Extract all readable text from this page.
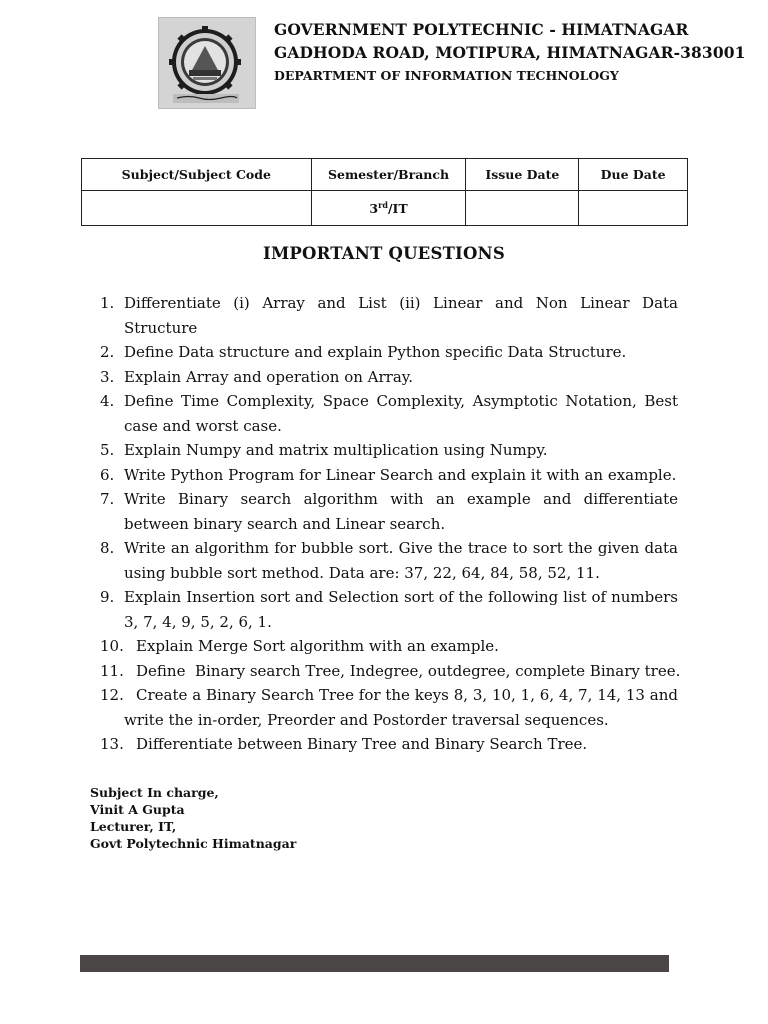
GOVERNMENT POLYTECHNIC - HIMATNAGAR
GADHODA ROAD, MOTIPURA, HIMATNAGAR-383001
DEPARTMENT OF INFORMATION TECHNOLOGY
Subject/Subject Code	Semester/Branch	Issue Date	Due Date
	3rd/IT		
IMPORTANT QUESTIONS
1. Differentiate (i) Array and List (ii) Linear and Non Linear Data Structure
2. Define Data structure and explain Python specific Data Structure.
3. Explain Array and operation on Array.
4. Define Time Complexity, Space Complexity, Asymptotic Notation, Best case and worst case.
5. Explain Numpy and matrix multiplication using Numpy.
6. Write Python Program for Linear Search and explain it with an example.
7. Write Binary search algorithm with an example and differentiate between binary search and Linear search.
8. Write an algorithm for bubble sort. Give the trace to sort the given data using bubble sort method. Data are: 37, 22, 64, 84, 58, 52, 11.
9. Explain Insertion sort and Selection sort of the following list of numbers 3, 7, 4, 9, 5, 2, 6, 1.
10. Explain Merge Sort algorithm with an example.
11. Define  Binary search Tree, Indegree, outdegree, complete Binary tree.
12. Create a Binary Search Tree for the keys 8, 3, 10, 1, 6, 4, 7, 14, 13 and write the in-order, Preorder and Postorder traversal sequences.
13. Differentiate between Binary Tree and Binary Search Tree.
Subject In charge,
Vinit A Gupta
Lecturer, IT,
Govt Polytechnic Himatnagar
